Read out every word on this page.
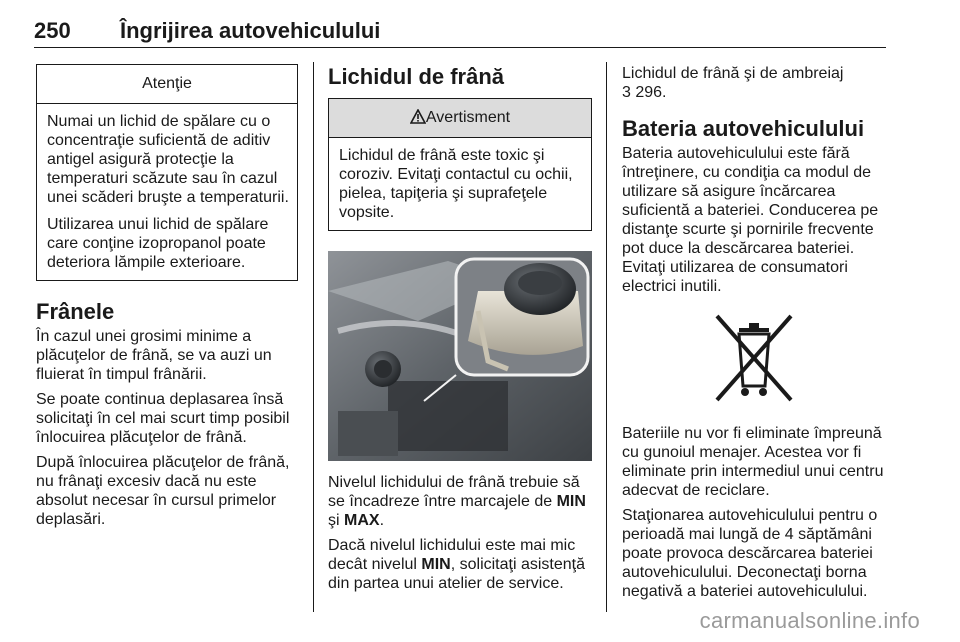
250 Îngrijirea autovehiculului
Atenţie

Numai un lichid de spălare cu o concentraţie suficientă de aditiv antigel asigură protecţie la temperaturi scăzute sau în cazul unei scăderi bruşte a temperaturii.

Utilizarea unui lichid de spălare care conţine izopropanol poate deteriora lămpile exterioare.

Frânele

În cazul unei grosimi minime a plăcuţelor de frână, se va auzi un fluierat în timpul frânării.

Se poate continua deplasarea însă solicitaţi în cel mai scurt timp posibil înlocuirea plăcuţelor de frână.

După înlocuirea plăcuţelor de frână, nu frânaţi excesiv dacă nu este absolut necesar în cursul primelor deplasări.

Lichidul de frână
Avertisment

Lichidul de frână este toxic şi coroziv. Evitaţi contactul cu ochii, pielea, tapiţeria şi suprafeţele vopsite.

Nivelul lichidului de frână trebuie să se încadreze între marcajele de MIN şi MAX.

Dacă nivelul lichidului este mai mic decât nivelul MIN, solicitaţi asistenţă din partea unui atelier de service.

Lichidul de frână şi de ambreiaj

3 296.

Bateria autovehiculului

Bateria autovehiculului este fără întreţinere, cu condiţia ca modul de utilizare să asigure încărcarea suficientă a bateriei. Conducerea pe distanţe scurte şi pornirile frecvente pot duce la descărcarea bateriei. Evitaţi utilizarea de consumatori electrici inutili.

Bateriile nu vor fi eliminate împreună cu gunoiul menajer. Acestea vor fi eliminate prin intermediul unui centru adecvat de reciclare.

Staţionarea autovehiculului pentru o perioadă mai lungă de 4 săptămâni poate provoca descărcarea bateriei autovehiculului. Deconectaţi borna negativă a bateriei autovehiculului.

carmanualsonline.info
